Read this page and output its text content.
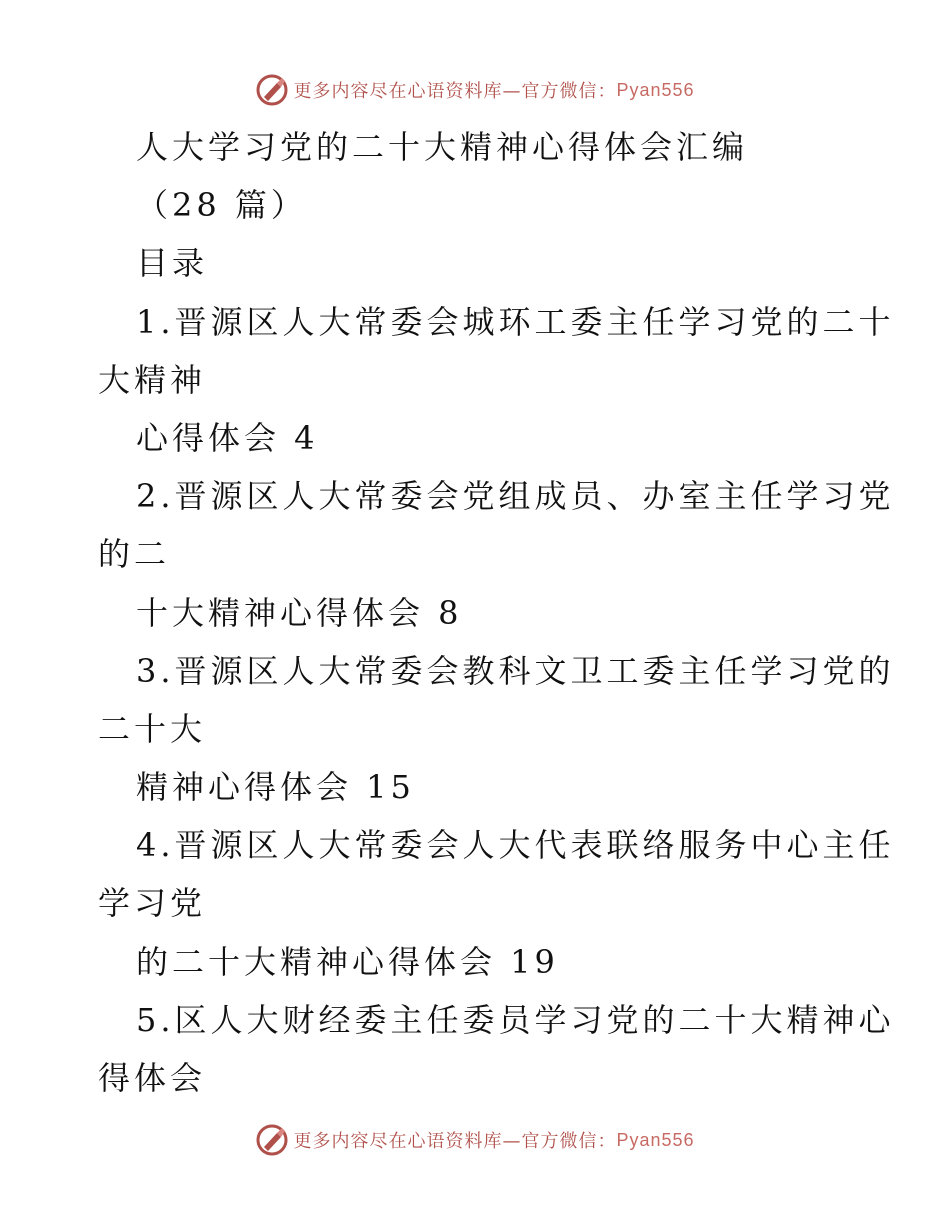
更多内容尽在心语资料库—官方微信： Pyan556
人大学习党的二十大精神心得体会汇编
（28 篇）
目录
1.晋源区人大常委会城环工委主任学习党的二十
大精神
心得体会 4
2.晋源区人大常委会党组成员、办室主任学习党
的二
十大精神心得体会 8
3.晋源区人大常委会教科文卫工委主任学习党的
二十大
精神心得体会 15
4.晋源区人大常委会人大代表联络服务中心主任
学习党
的二十大精神心得体会 19
5.区人大财经委主任委员学习党的二十大精神心
得体会
更多内容尽在心语资料库—官方微信： Pyan556
